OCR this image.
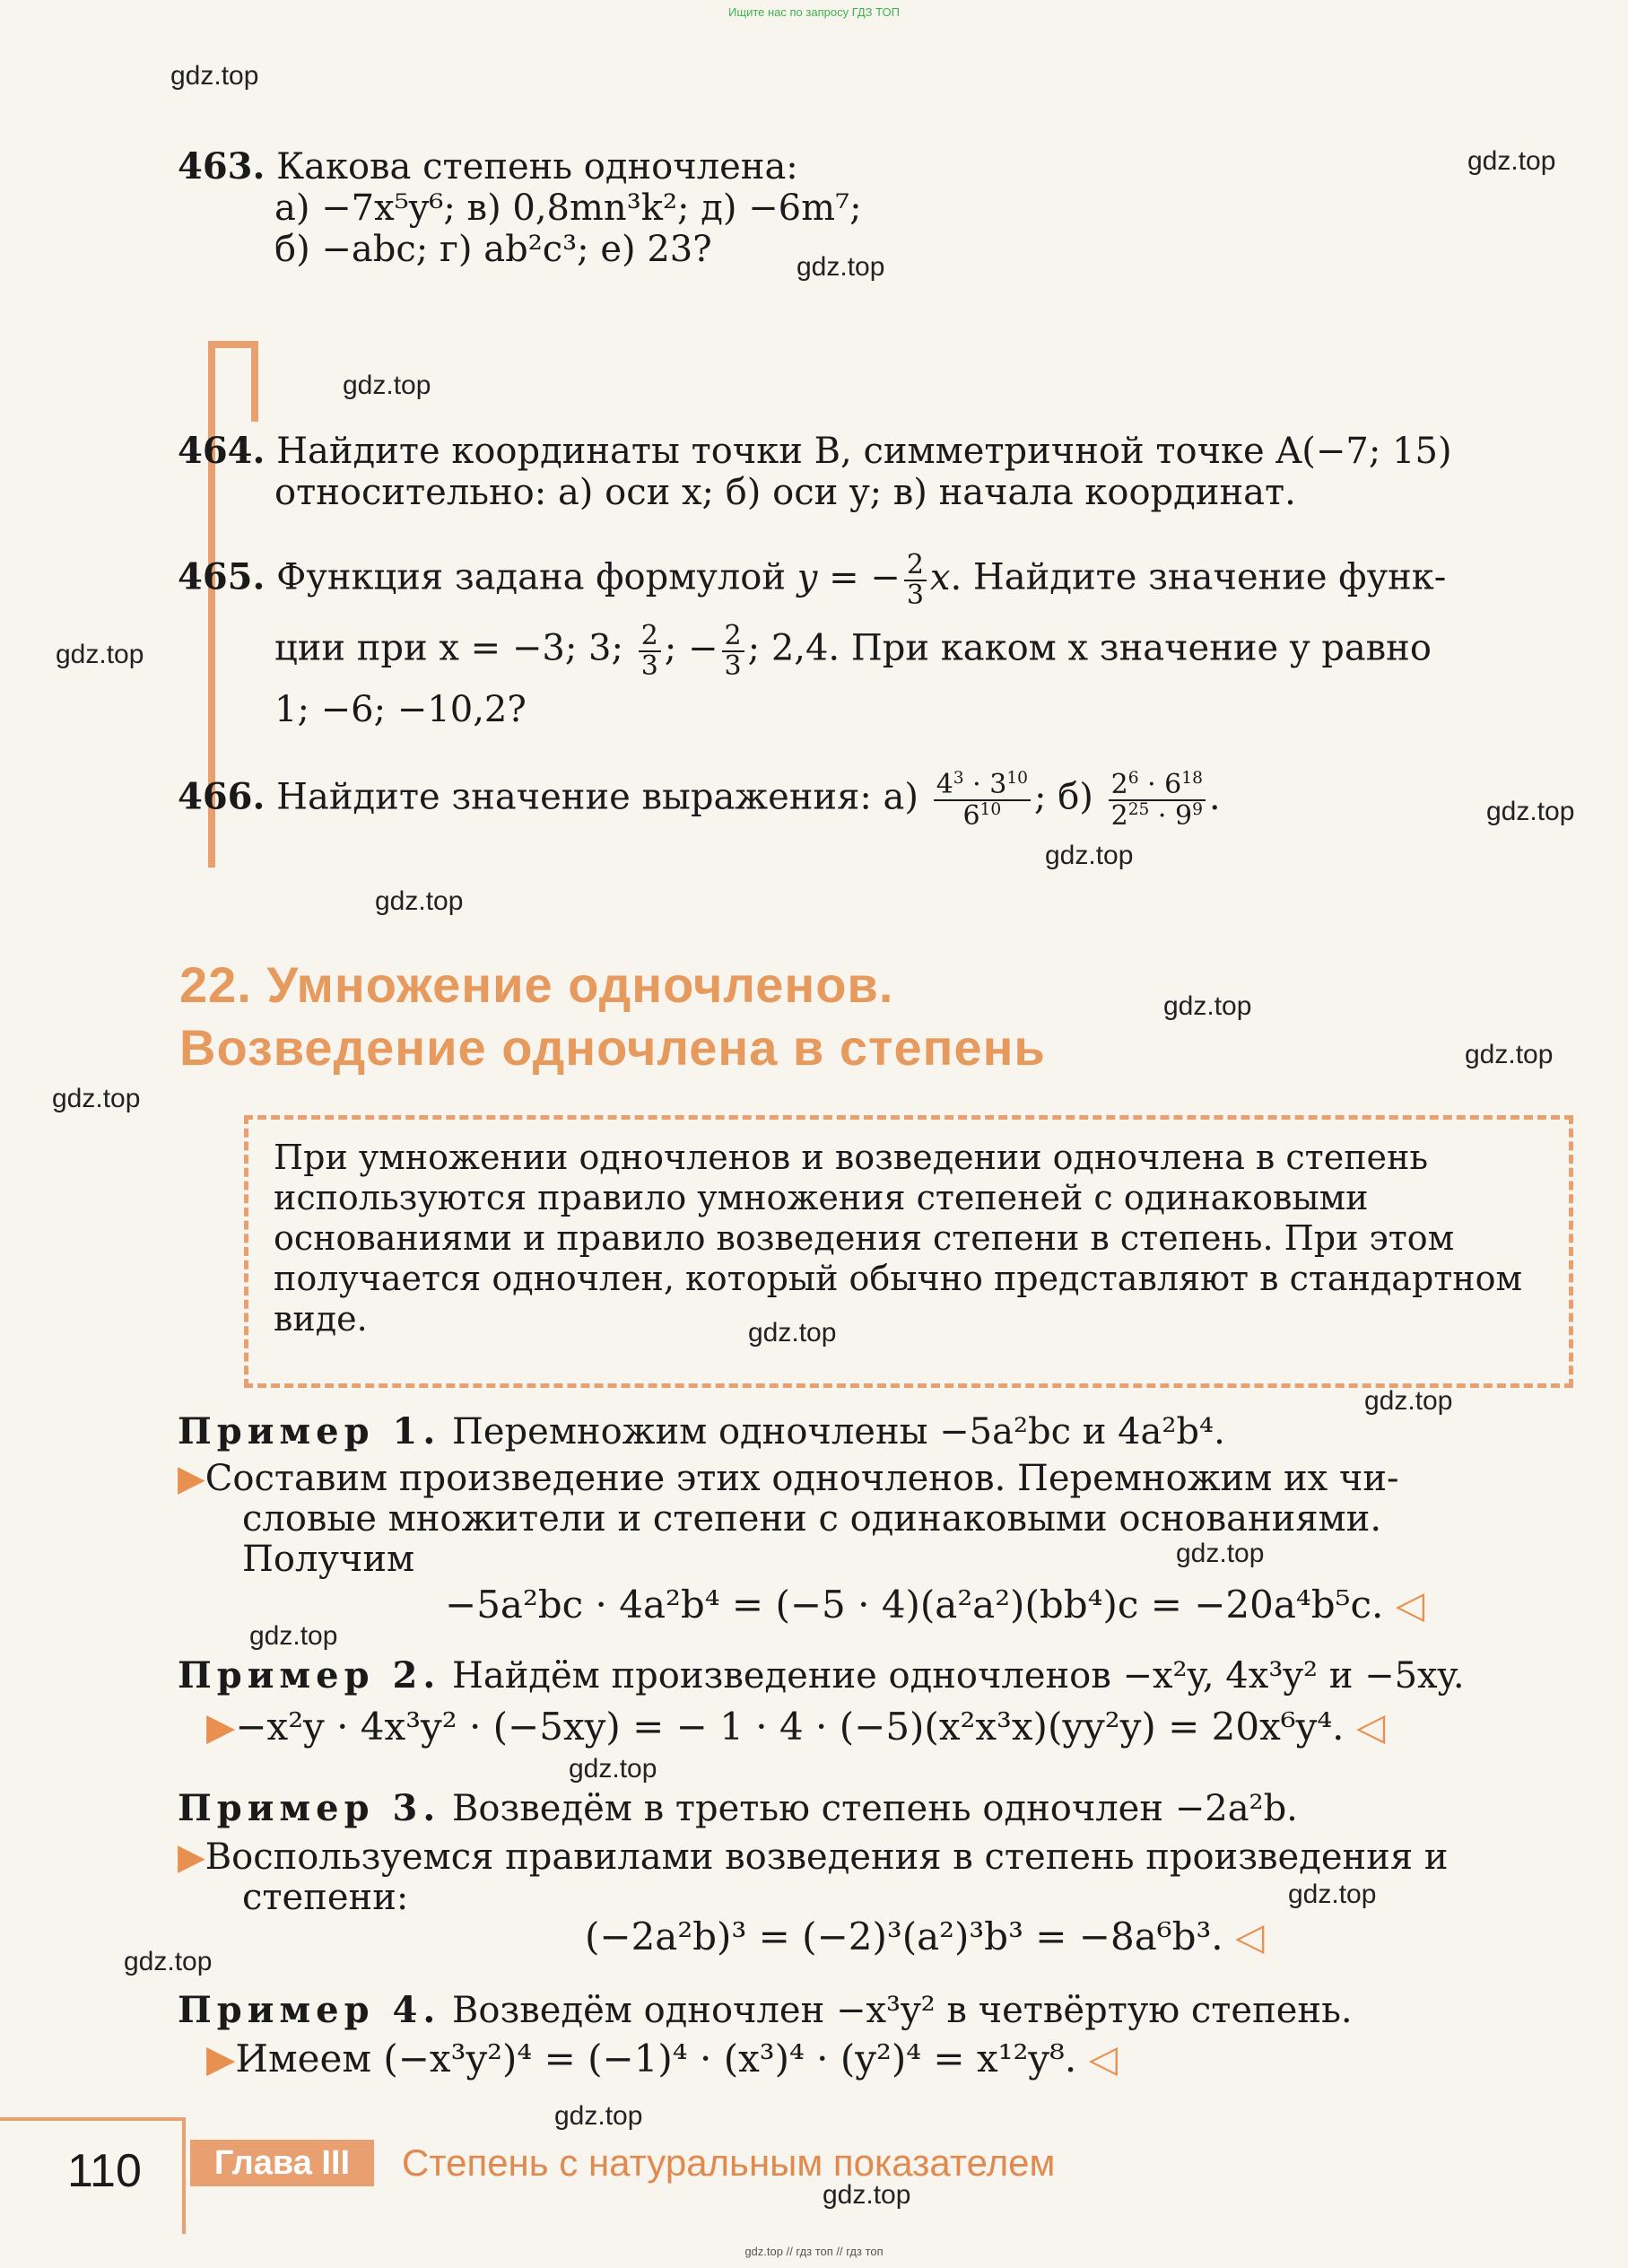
Ищите нас по запросу ГДЗ ТОП
gdz.top
gdz.top
gdz.top
gdz.top
gdz.top
gdz.top
gdz.top
gdz.top
gdz.top
gdz.top
gdz.top
gdz.top
gdz.top
gdz.top
gdz.top
gdz.top
gdz.top
gdz.top
gdz.top
gdz.top
463. Какова степень одночлена:
а) −7x⁵y⁶; в) 0,8mn³k²; д) −6m⁷;
б) −abc; г) ab²c³; е) 23?
464. Найдите координаты точки B, симметричной точке A(−7; 15)
относительно: а) оси x; б) оси y; в) начала координат.
465. Функция задана формулой y = − $\frac{2}{3} x$. Найдите значение функ-
ции при x = −3; 3; $\frac{2}{3}$ ; − $\frac{2}{3}$ ; 2,4. При каком x значение y равно
1; −6; −10,2?
466. Найдите значение выражения: $а) \frac{4^3 \cdot 3^{10}}{6^{10}}$ ; $б) \frac{2^6 \cdot 6^{18}}{2^{25} \cdot 9^9}$ .
22. Умножение одночленов.
Возведение одночлена в степень
При умножении одночленов и возведении одночлена в степень используются правило умножения степеней с одинаковыми основаниями и правило возведения степени в степень. При этом получается одночлен, который обычно представляют в стандартном виде.
Пример 1. Перемножим одночлены −5a²bc и 4a²b⁴.
▶Составим произведение этих одночленов. Перемножим их чи-
словые множители и степени с одинаковыми основаниями.
Получим
−5a²bc · 4a²b⁴ = (−5 · 4)(a²a²)(bb⁴)c = −20a⁴b⁵c. ◁
Пример 2. Найдём произведение одночленов −x²y, 4x³y² и −5xy.
▶−x²y · 4x³y² · (−5xy) = − 1 · 4 · (−5)(x²x³x)(yy²y) = 20x⁶y⁴. ◁
Пример 3. Возведём в третью степень одночлен −2a²b.
▶Воспользуемся правилами возведения в степень произведения и
степени:
(−2a²b)³ = (−2)³(a²)³b³ = −8a⁶b³. ◁
Пример 4. Возведём одночлен −x³y² в четвёртую степень.
▶Имеем (−x³y²)⁴ = (−1)⁴ · (x³)⁴ · (y²)⁴ = x¹²y⁸. ◁
110	Глава III	Степень с натуральным показателем
gdz.top // гдз топ // гдз топ
